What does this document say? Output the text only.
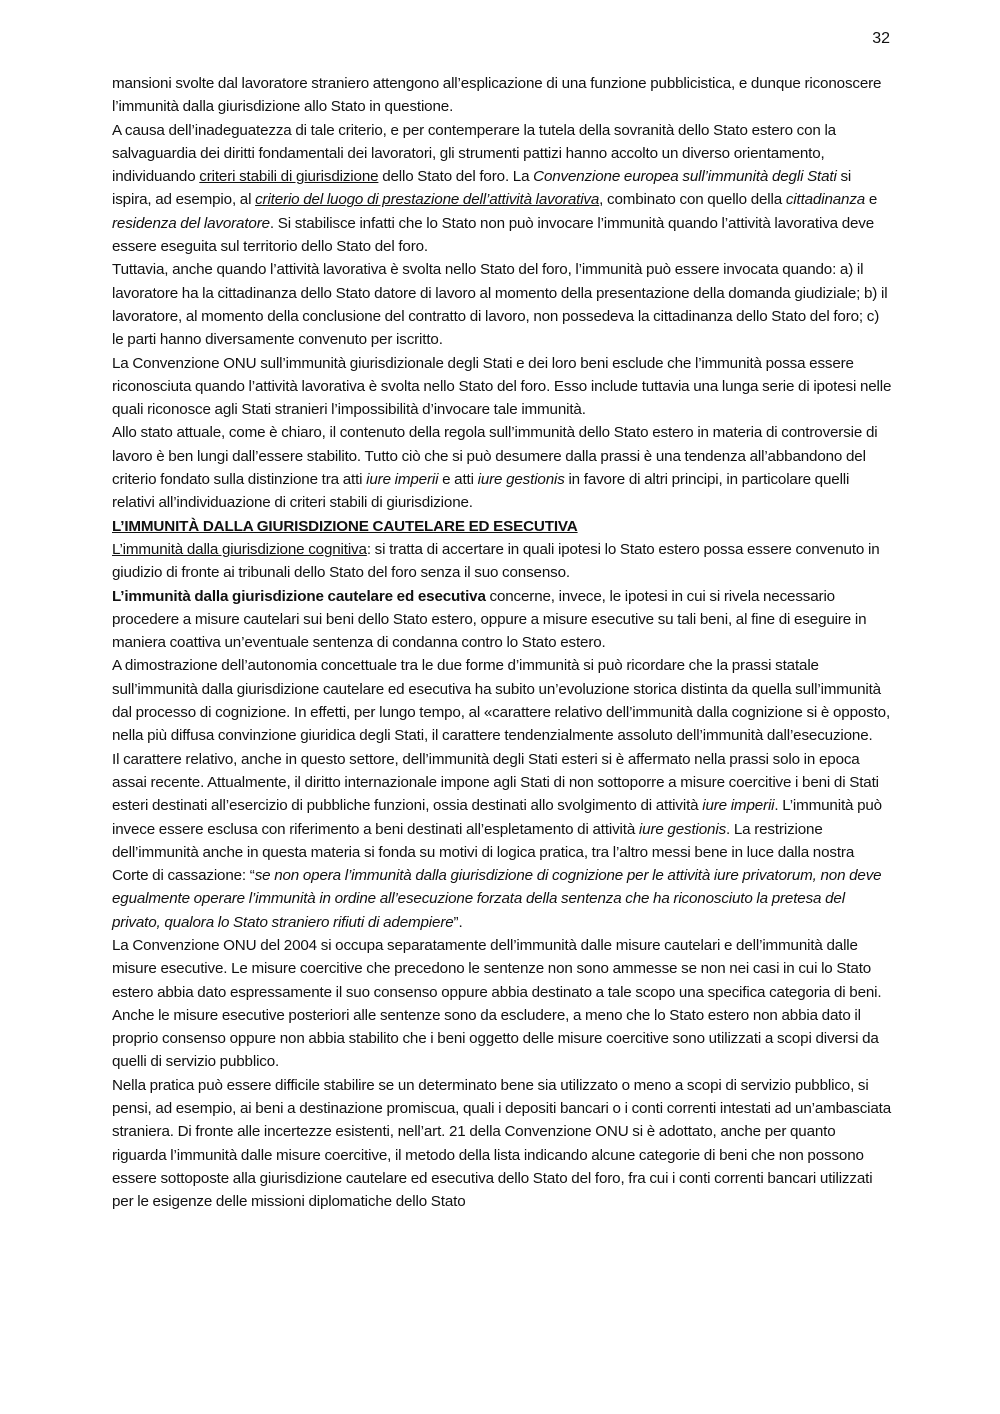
32

mansioni svolte dal lavoratore straniero attengono all’esplicazione di una funzione pubblicistica, e dunque riconoscere l’immunità dalla giurisdizione allo Stato in questione.

A causa dell’inadeguatezza di tale criterio, e per contemperare la tutela della sovranità dello Stato estero con la salvaguardia dei diritti fondamentali dei lavoratori, gli strumenti pattizi hanno accolto un diverso orientamento, individuando criteri stabili di giurisdizione dello Stato del foro. La Convenzione europea sull’immunità degli Stati si ispira, ad esempio, al criterio del luogo di prestazione dell’attività lavorativa, combinato con quello della cittadinanza e residenza del lavoratore. Si stabilisce infatti che lo Stato non può invocare l’immunità quando l’attività lavorativa deve essere eseguita sul territorio dello Stato del foro.

Tuttavia, anche quando l’attività lavorativa è svolta nello Stato del foro, l’immunità può essere invocata quando: a) il lavoratore ha la cittadinanza dello Stato datore di lavoro al momento della presentazione della domanda giudiziale; b) il lavoratore, al momento della conclusione del contratto di lavoro, non possedeva la cittadinanza dello Stato del foro; c) le parti hanno diversamente convenuto per iscritto.

La Convenzione ONU sull’immunità giurisdizionale degli Stati e dei loro beni esclude che l’immunità possa essere riconosciuta quando l’attività lavorativa è svolta nello Stato del foro. Esso include tuttavia una lunga serie di ipotesi nelle quali riconosce agli Stati stranieri l’impossibilità d’invocare tale immunità.

Allo stato attuale, come è chiaro, il contenuto della regola sull’immunità dello Stato estero in materia di controversie di lavoro è ben lungi dall’essere stabilito. Tutto ciò che si può desumere dalla prassi è una tendenza all’abbandono del criterio fondato sulla distinzione tra atti iure imperii e atti iure gestionis in favore di altri principi, in particolare quelli relativi all’individuazione di criteri stabili di giurisdizione.

L’IMMUNITÀ DALLA GIURISDIZIONE CAUTELARE ED ESECUTIVA

L’immunità dalla giurisdizione cognitiva: si tratta di accertare in quali ipotesi lo Stato estero possa essere convenuto in giudizio di fronte ai tribunali dello Stato del foro senza il suo consenso.

L’immunità dalla giurisdizione cautelare ed esecutiva concerne, invece, le ipotesi in cui si rivela necessario procedere a misure cautelari sui beni dello Stato estero, oppure a misure esecutive su tali beni, al fine di eseguire in maniera coattiva un’eventuale sentenza di condanna contro lo Stato estero.

A dimostrazione dell’autonomia concettuale tra le due forme d’immunità si può ricordare che la prassi statale sull’immunità dalla giurisdizione cautelare ed esecutiva ha subito un’evoluzione storica distinta da quella sull’immunità dal processo di cognizione. In effetti, per lungo tempo, al «carattere relativo dell’immunità dalla cognizione si è opposto, nella più diffusa convinzione giuridica degli Stati, il carattere tendenzialmente assoluto dell’immunità dall’esecuzione.

Il carattere relativo, anche in questo settore, dell’immunità degli Stati esteri si è affermato nella prassi solo in epoca assai recente. Attualmente, il diritto internazionale impone agli Stati di non sottoporre a misure coercitive i beni di Stati esteri destinati all’esercizio di pubbliche funzioni, ossia destinati allo svolgimento di attività iure imperii. L’immunità può invece essere esclusa con riferimento a beni destinati all’espletamento di attività iure gestionis. La restrizione dell’immunità anche in questa materia si fonda su motivi di logica pratica, tra l’altro messi bene in luce dalla nostra Corte di cassazione: “se non opera l’immunità dalla giurisdizione di cognizione per le attività iure privatorum, non deve egualmente operare l’immunità in ordine all’esecuzione forzata della sentenza che ha riconosciuto la pretesa del privato, qualora lo Stato straniero rifiuti di adempiere”.

La Convenzione ONU del 2004 si occupa separatamente dell’immunità dalle misure cautelari e dell’immunità dalle misure esecutive. Le misure coercitive che precedono le sentenze non sono ammesse se non nei casi in cui lo Stato estero abbia dato espressamente il suo consenso oppure abbia destinato a tale scopo una specifica categoria di beni. Anche le misure esecutive posteriori alle sentenze sono da escludere, a meno che lo Stato estero non abbia dato il proprio consenso oppure non abbia stabilito che i beni oggetto delle misure coercitive sono utilizzati a scopi diversi da quelli di servizio pubblico.

Nella pratica può essere difficile stabilire se un determinato bene sia utilizzato o meno a scopi di servizio pubblico, si pensi, ad esempio, ai beni a destinazione promiscua, quali i depositi bancari o i conti correnti intestati ad un’ambasciata straniera. Di fronte alle incertezze esistenti, nell’art. 21 della Convenzione ONU si è adottato, anche per quanto riguarda l’immunità dalle misure coercitive, il metodo della lista indicando alcune categorie di beni che non possono essere sottoposte alla giurisdizione cautelare ed esecutiva dello Stato del foro, fra cui i conti correnti bancari utilizzati per le esigenze delle missioni diplomatiche dello Stato
